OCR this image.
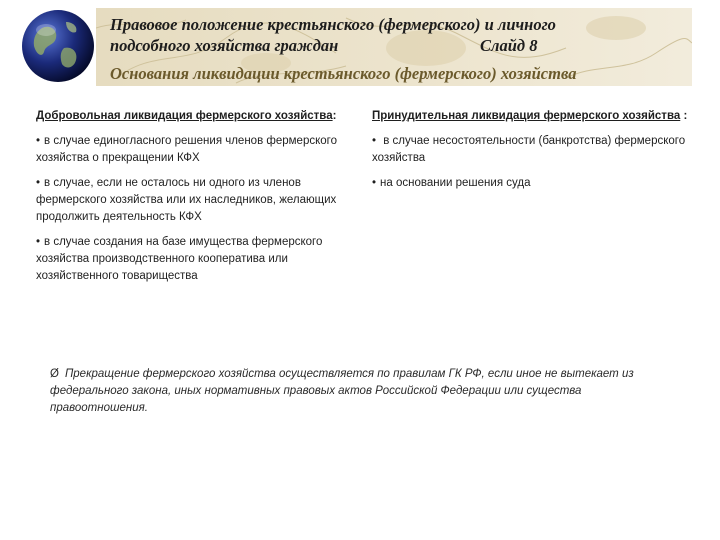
Правовое положение крестьянского (фермерского) и личного
подсобного хозяйства граждан	Слайд 8
Основания ликвидации крестьянского (фермерского) хозяйства
Добровольная ликвидация фермерского хозяйства:
• в случае единогласного решения членов фермерского хозяйства о прекращении КФХ
• в случае, если не осталось ни одного из членов фермерского хозяйства или их наследников, желающих продолжить деятельность КФХ
• в случае создания на базе имущества фермерского хозяйства производственного кооператива или хозяйственного товарищества
Принудительная ликвидация фермерского хозяйства :
• в случае несостоятельности (банкротства) фермерского хозяйства
• на основании решения суда
Ø Прекращение фермерского хозяйства осуществляется по правилам ГК РФ, если иное не вытекает из федерального закона, иных нормативных правовых актов Российской Федерации или существа правоотношения.
